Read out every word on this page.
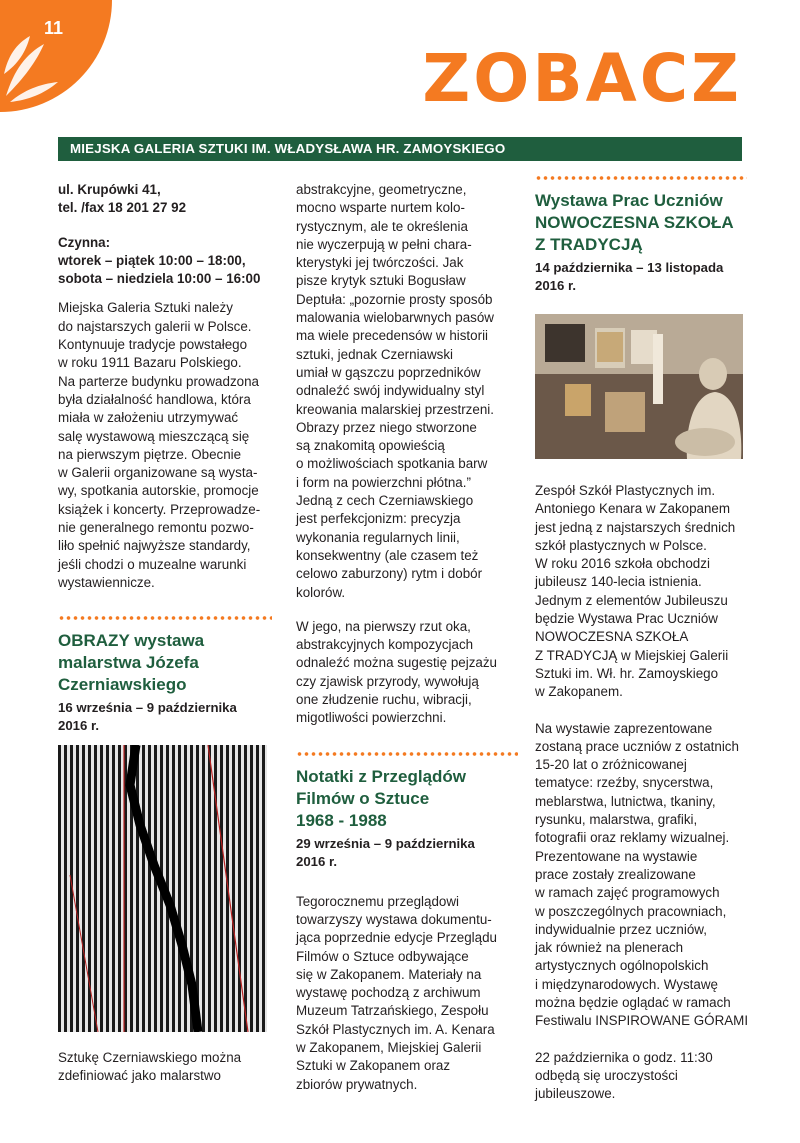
11
ZOBACZ
MIEJSKA GALERIA SZTUKI IM. WŁADYSŁAWA HR. ZAMOYSKIEGO
ul. Krupówki 41,
tel. /fax 18 201 27 92
Czynna:
wtorek – piątek 10:00 – 18:00,
sobota – niedziela 10:00 – 16:00
Miejska Galeria Sztuki należy
do najstarszych galerii w Polsce.
Kontynuuje tradycje powstałego
w roku 1911 Bazaru Polskiego.
Na parterze budynku prowadzona
była działalność handlowa, która
miała w założeniu utrzymywać
salę wystawową mieszczącą się
na pierwszym piętrze. Obecnie
w Galerii organizowane są wysta-
wy, spotkania autorskie, promocje
książek i koncerty. Przeprowadze-
nie generalnego remontu pozwo-
liło spełnić najwyższe standardy,
jeśli chodzi o muzealne warunki
wystawiennicze.
OBRAZY wystawa
malarstwa Józefa
Czerniawskiego
16 września – 9 października
2016 r.
Sztukę Czerniawskiego można
zdefiniować jako malarstwo
abstrakcyjne, geometryczne,
mocno wsparte nurtem kolo-
rystycznym, ale te określenia
nie wyczerpują w pełni chara-
kterystyki jej twórczości. Jak
pisze krytyk sztuki Bogusław
Deptuła: „pozornie prosty sposób
malowania wielobarwnych pasów
ma wiele precedensów w historii
sztuki, jednak Czerniawski
umiał w gąszczu poprzedników
odnaleźć swój indywidualny styl
kreowania malarskiej przestrzeni.
Obrazy przez niego stworzone
są znakomitą opowieścią
o możliwościach spotkania barw
i form na powierzchni płótna.”
Jedną z cech Czerniawskiego
jest perfekcjonizm: precyzja
wykonania regularnych linii,
konsekwentny (ale czasem też
celowo zaburzony) rytm i dobór
kolorów.
W jego, na pierwszy rzut oka,
abstrakcyjnych kompozycjach
odnaleźć można sugestię pejzażu
czy zjawisk przyrody, wywołują
one złudzenie ruchu, wibracji,
migotliwości powierzchni.
Notatki z Przeglądów
Filmów o Sztuce
1968 - 1988
29 września – 9 października
2016 r.
Tegorocznemu przeglądowi
towarzyszy wystawa dokumentu-
jąca poprzednie edycje Przeglądu
Filmów o Sztuce odbywające
się w Zakopanem. Materiały na
wystawę pochodzą z archiwum
Muzeum Tatrzańskiego, Zespołu
Szkół Plastycznych im. A. Kenara
w Zakopanem, Miejskiej Galerii
Sztuki w Zakopanem oraz
zbiorów prywatnych.
Wystawa Prac Uczniów
NOWOCZESNA SZKOŁA
Z TRADYCJĄ
14 października – 13 listopada
2016 r.
Zespół Szkół Plastycznych im.
Antoniego Kenara w Zakopanem
jest jedną z najstarszych średnich
szkół plastycznych w Polsce.
W roku 2016 szkoła obchodzi
jubileusz 140-lecia istnienia.
Jednym z elementów Jubileuszu
będzie Wystawa Prac Uczniów
NOWOCZESNA SZKOŁA
Z TRADYCJĄ w Miejskiej Galerii
Sztuki im. Wł. hr. Zamoyskiego
w Zakopanem.
Na wystawie zaprezentowane
zostaną prace uczniów z ostatnich
15-20 lat o zróżnicowanej
tematyce: rzeźby, snycerstwa,
meblarstwa, lutnictwa, tkaniny,
rysunku, malarstwa, grafiki,
fotografii oraz reklamy wizualnej.
Prezentowane na wystawie
prace zostały zrealizowane
w ramach zajęć programowych
w poszczególnych pracowniach,
indywidualnie przez uczniów,
jak również na plenerach
artystycznych ogólnopolskich
i międzynarodowych. Wystawę
można będzie oglądać w ramach
Festiwalu INSPIROWANE GÓRAMI
22 października o godz. 11:30
odbędą się uroczystości
jubileuszowe.
